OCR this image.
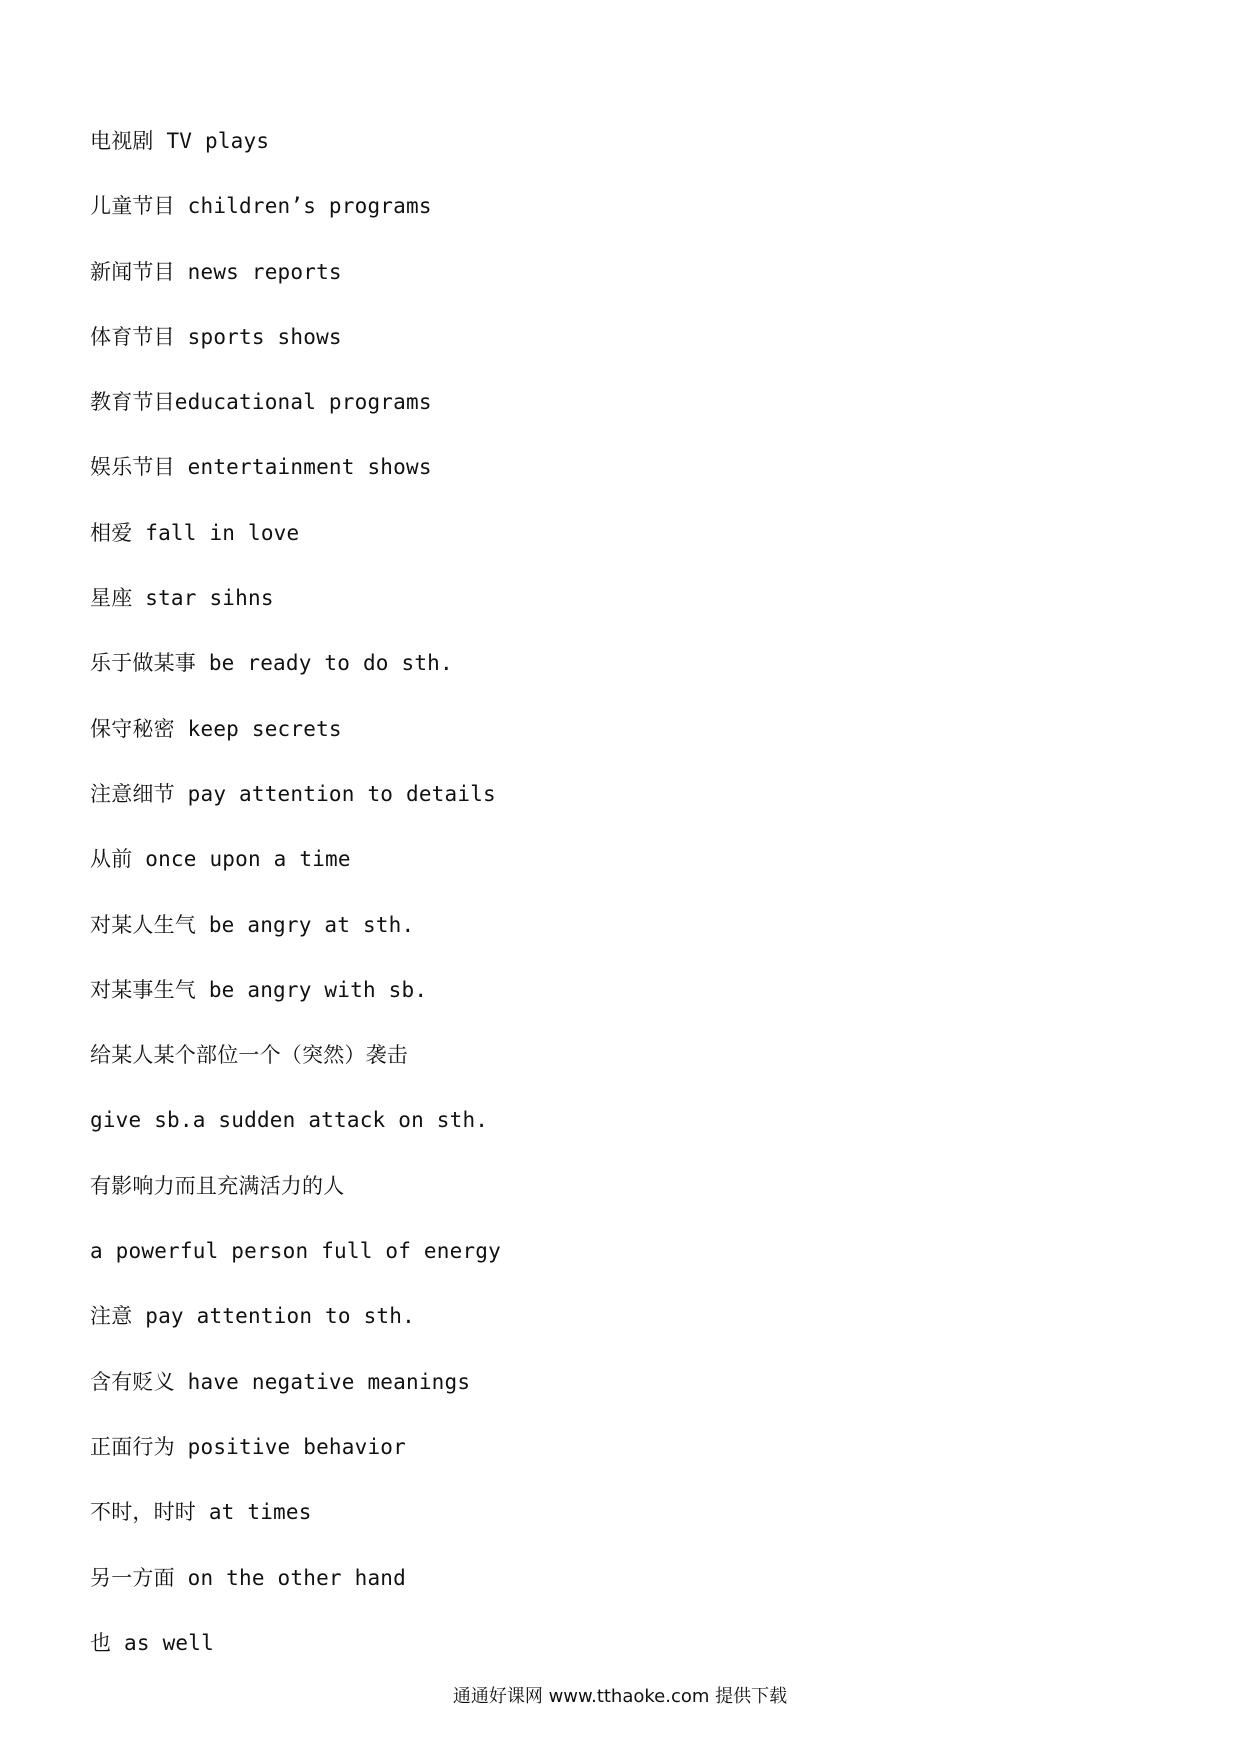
电视剧 TV plays
儿童节目 children’s programs
新闻节目 news reports
体育节目 sports shows
教育节目educational programs
娱乐节目 entertainment shows
相爱 fall in love
星座 star sihns
乐于做某事 be ready to do sth.
保守秘密 keep secrets
注意细节 pay attention to details
从前 once upon a time
对某人生气 be angry at sth.
对某事生气 be angry with sb.
给某人某个部位一个（突然）袭击
give sb.a sudden attack on sth.
有影响力而且充满活力的人
a powerful person full of energy
注意 pay attention to sth.
含有贬义 have negative meanings
正面行为 positive behavior
不时，时时 at times
另一方面 on the other hand
也 as well
通通好课网 www.tthaoke.com 提供下载
